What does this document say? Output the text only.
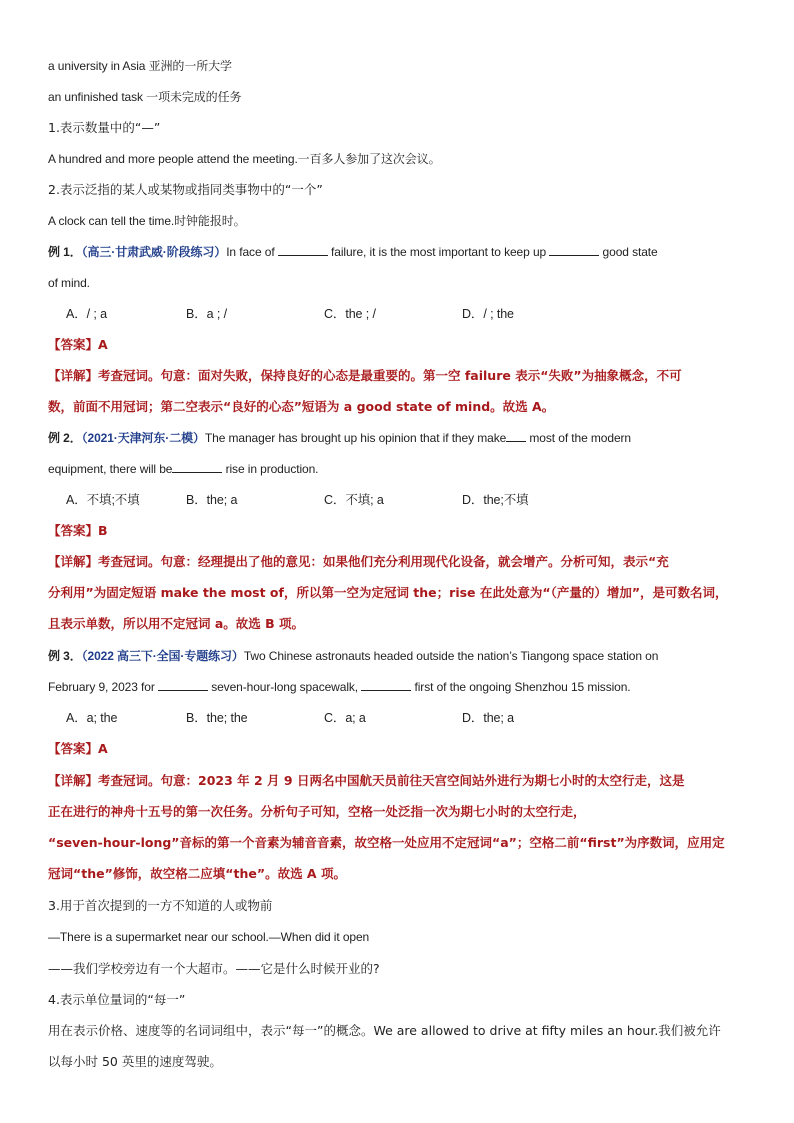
a university in Asia 亚洲的一所大学
an unfinished task 一项未完成的任务
1.表示数量中的“—”
A hundred and more people attend the meeting.一百多人参加了这次会议。
2.表示泛指的某人或某物或指同类事物中的“一个”
A clock can tell the time.时钟能报时。
例 1．（高三·甘肃武威·阶段练习）In face of	failure, it is the most important to keep up	good state
of mind.
A．/ ; a	B．a ; /	C．the ; /	D．/ ; the
【答案】A
【详解】考查冠词。句意：面对失败，保持良好的心态是最重要的。第一空 failure 表示“失败”为抽象概念，不可
数，前面不用冠词；第二空表示“良好的心态”短语为 a good state of mind。故选 A。
例 2．（2021·天津河东·二模）The manager has brought up his opinion that if they make most of the modern
equipment, there will be	rise in production.
A．不填;不填	B．the; a	C．不填; a	D．the;不填
【答案】B
【详解】考查冠词。句意：经理提出了他的意见：如果他们充分利用现代化设备，就会增产。分析可知，表示“充
分利用”为固定短语 make the most of，所以第一空为定冠词 the；rise 在此处意为“（产量的）增加”，是可数名词，
且表示单数，所以用不定冠词 a。故选 B 项。
例 3．（2022 高三下·全国·专题练习）Two Chinese astronauts headed outside the nation’s Tiangong space station on
February 9, 2023 for	seven-hour-long spacewalk,	first of the ongoing Shenzhou 15 mission.
A．a; the	B．the; the	C．a; a	D．the; a
【答案】A
【详解】考查冠词。句意：2023 年 2 月 9 日两名中国航天员前往天宫空间站外进行为期七小时的太空行走，这是
正在进行的神舟十五号的第一次任务。分析句子可知，空格一处泛指一次为期七小时的太空行走，
“seven-hour-long”音标的第一个音素为辅音音素，故空格一处应用不定冠词“a”；空格二前“first”为序数词，应用定
冠词“the”修饰，故空格二应填“the”。故选 A 项。
3.用于首次提到的一方不知道的人或物前
—There is a supermarket near our school.—When did it open
——我们学校旁边有一个大超市。——它是什么时候开业的?
4.表示单位量词的“每一”
用在表示价格、速度等的名词词组中，表示“每一”的概念。We are allowed to drive at fifty miles an hour.我们被允许
以每小时 50 英里的速度驾驶。
